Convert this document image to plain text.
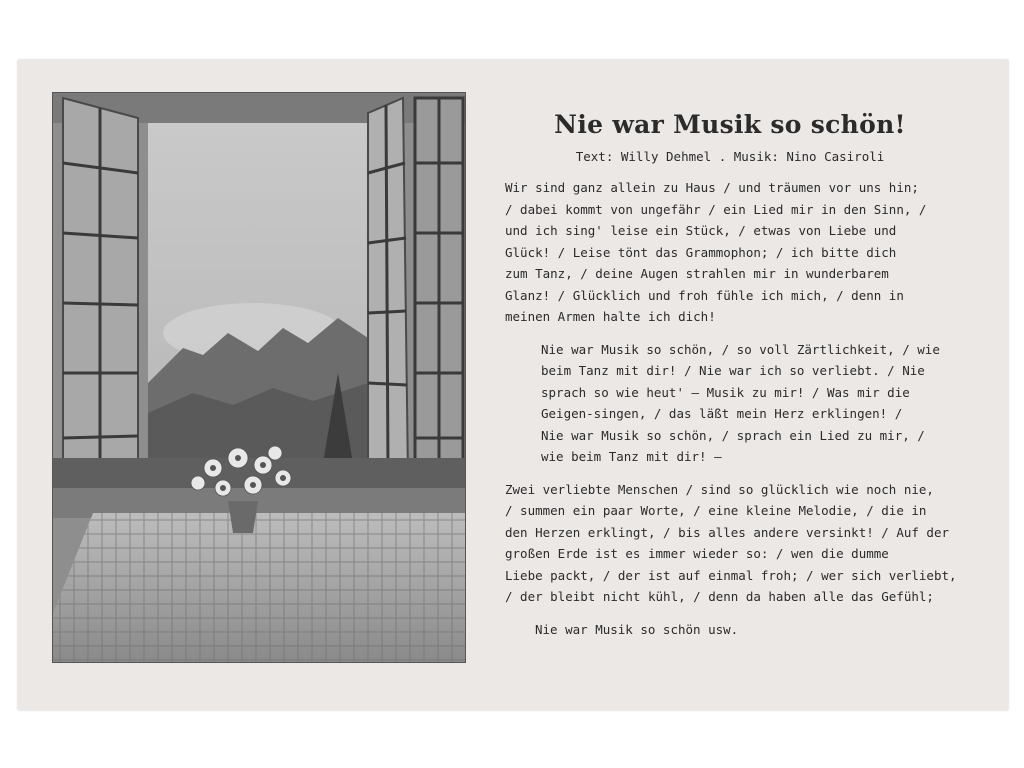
Nie war Musik so schön!

Text: Willy Dehmel . Musik: Nino Casiroli

Wir sind ganz allein zu Haus / und träumen vor uns hin;
/ dabei kommt von ungefähr / ein Lied mir in den Sinn, /
und ich sing' leise ein Stück, / etwas von Liebe und
Glück! / Leise tönt das Grammophon; / ich bitte dich
zum Tanz, / deine Augen strahlen mir in wunderbarem
Glanz! / Glücklich und froh fühle ich mich, / denn in
meinen Armen halte ich dich!
Nie war Musik so schön, / so voll Zärtlichkeit, / wie
beim Tanz mit dir! / Nie war ich so verliebt. / Nie
sprach so wie heut' — Musik zu mir! / Was mir die
Geigen-singen, / das läßt mein Herz erklingen! /
Nie war Musik so schön, / sprach ein Lied zu mir, /
wie beim Tanz mit dir! —
Zwei verliebte Menschen / sind so glücklich wie noch nie,
/ summen ein paar Worte, / eine kleine Melodie, / die in
den Herzen erklingt, / bis alles andere versinkt! / Auf der
großen Erde ist es immer wieder so: / wen die dumme
Liebe packt, / der ist auf einmal froh; / wer sich verliebt,
/ der bleibt nicht kühl, / denn da haben alle das Gefühl;
Nie war Musik so schön usw.
